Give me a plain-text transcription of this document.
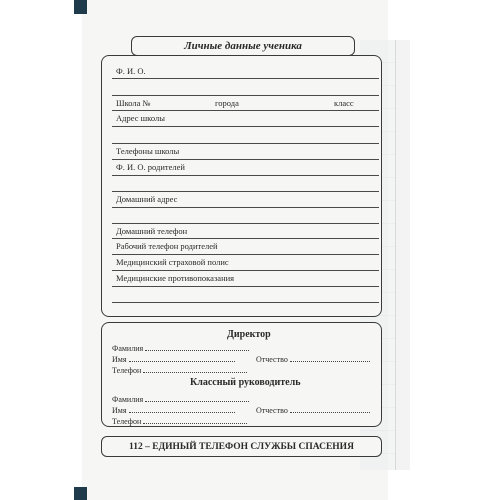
Личные данные ученика
Ф. И. О.
Школа №	города	класс
Адрес школы
Телефоны школы
Ф. И. О. родителей
Домашний адрес
Домашний телефон
Рабочий телефон родителей
Медицинский страховой полис
Медицинские противопоказания
Директор
Фамилия
Имя	Отчество
Телефон
Классный руководитель
Фамилия
Имя	Отчество
Телефон
112 – ЕДИНЫЙ ТЕЛЕФОН СЛУЖБЫ СПАСЕНИЯ
